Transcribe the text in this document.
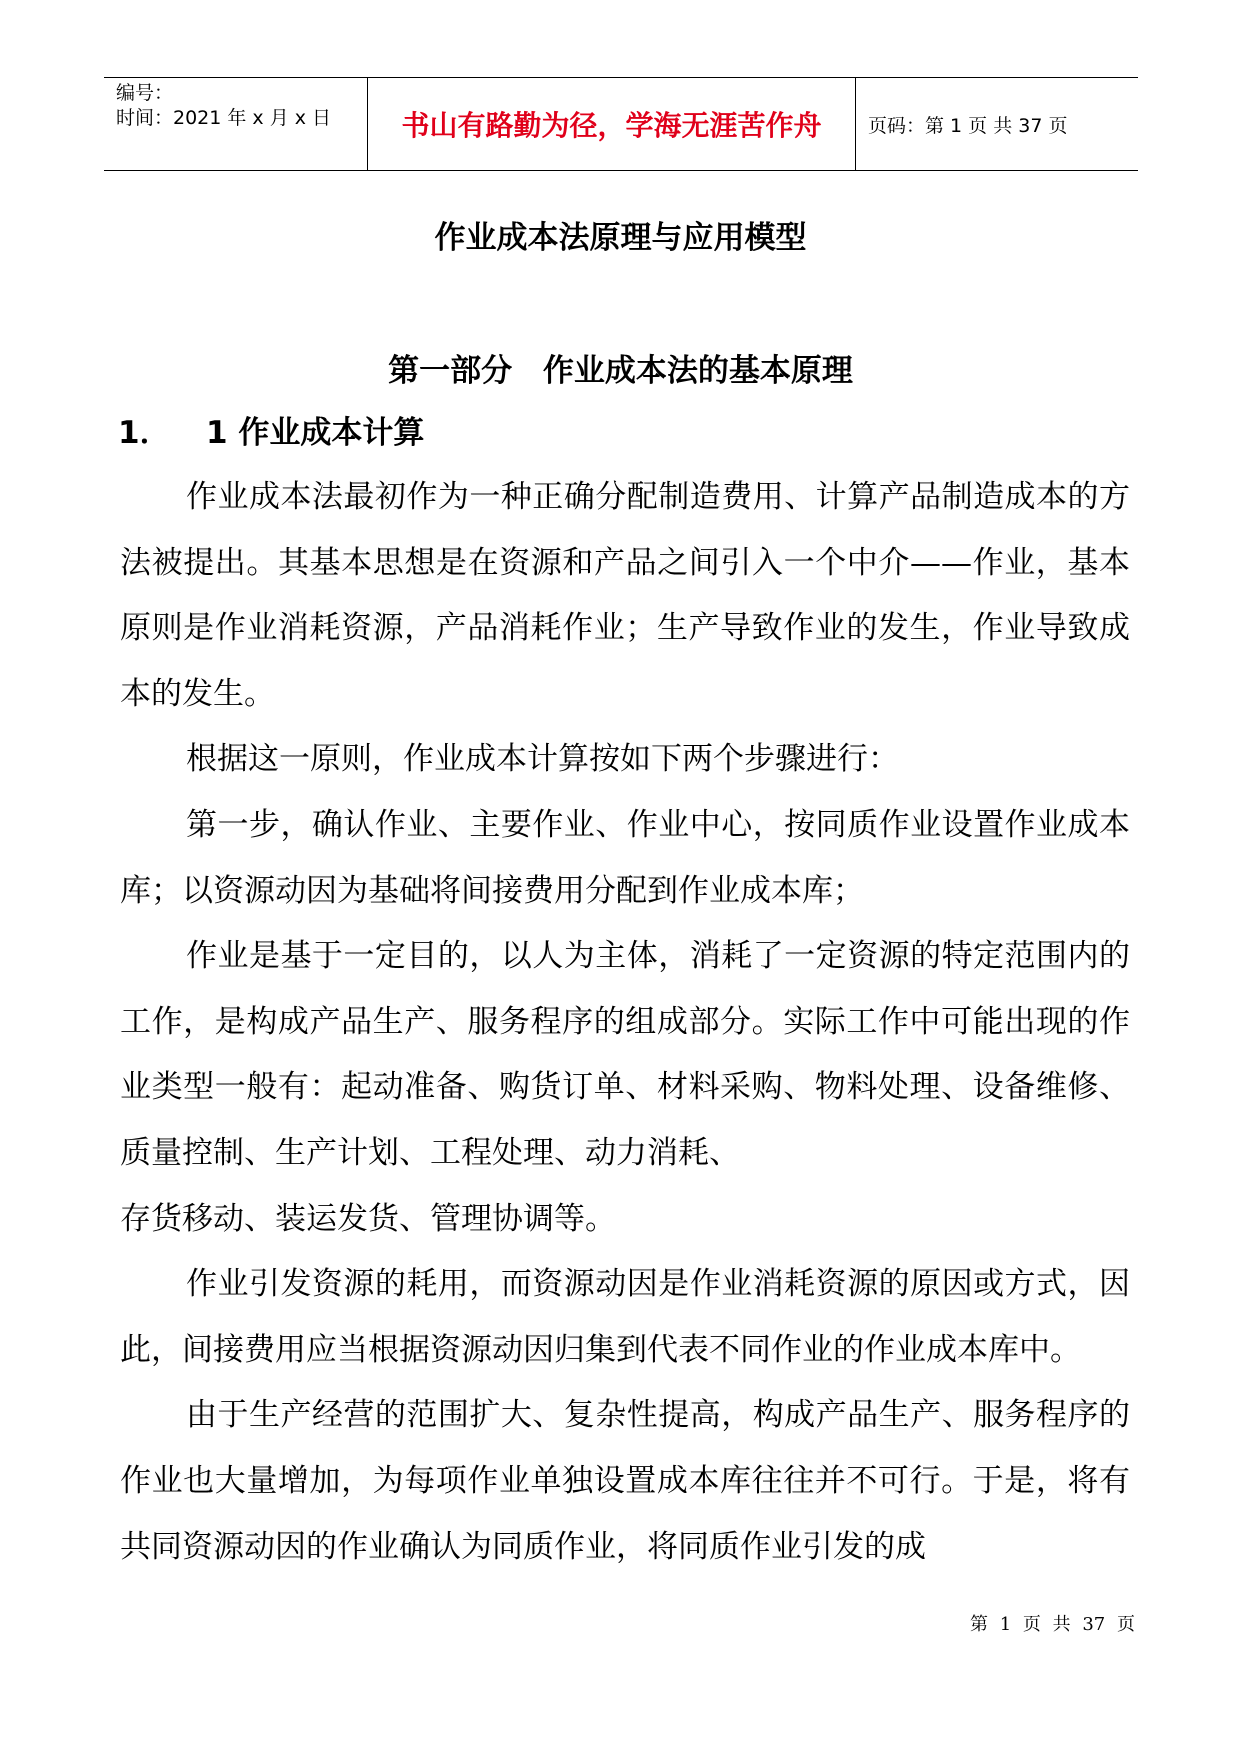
编号：
时间：2021 年 x 月 x 日	书山有路勤为径，学海无涯苦作舟	页码：第 1 页 共 37 页
作业成本法原理与应用模型
第一部分 作业成本法的基本原理
1． 1 作业成本计算

作业成本法最初作为一种正确分配制造费用、计算产品制造成本的方法被提出。其基本思想是在资源和产品之间引入一个中介——作业，基本原则是作业消耗资源，产品消耗作业；生产导致作业的发生，作业导致成本的发生。

根据这一原则，作业成本计算按如下两个步骤进行：

第一步，确认作业、主要作业、作业中心，按同质作业设置作业成本库；以资源动因为基础将间接费用分配到作业成本库；

作业是基于一定目的，以人为主体，消耗了一定资源的特定范围内的工作，是构成产品生产、服务程序的组成部分。实际工作中可能出现的作业类型一般有：起动准备、购货订单、材料采购、物料处理、设备维修、质量控制、生产计划、工程处理、动力消耗、

存货移动、装运发货、管理协调等。

作业引发资源的耗用，而资源动因是作业消耗资源的原因或方式，因此，间接费用应当根据资源动因归集到代表不同作业的作业成本库中。

由于生产经营的范围扩大、复杂性提高，构成产品生产、服务程序的作业也大量增加，为每项作业单独设置成本库往往并不可行。于是，将有共同资源动因的作业确认为同质作业，将同质作业引发的成

第 1 页 共 37 页
